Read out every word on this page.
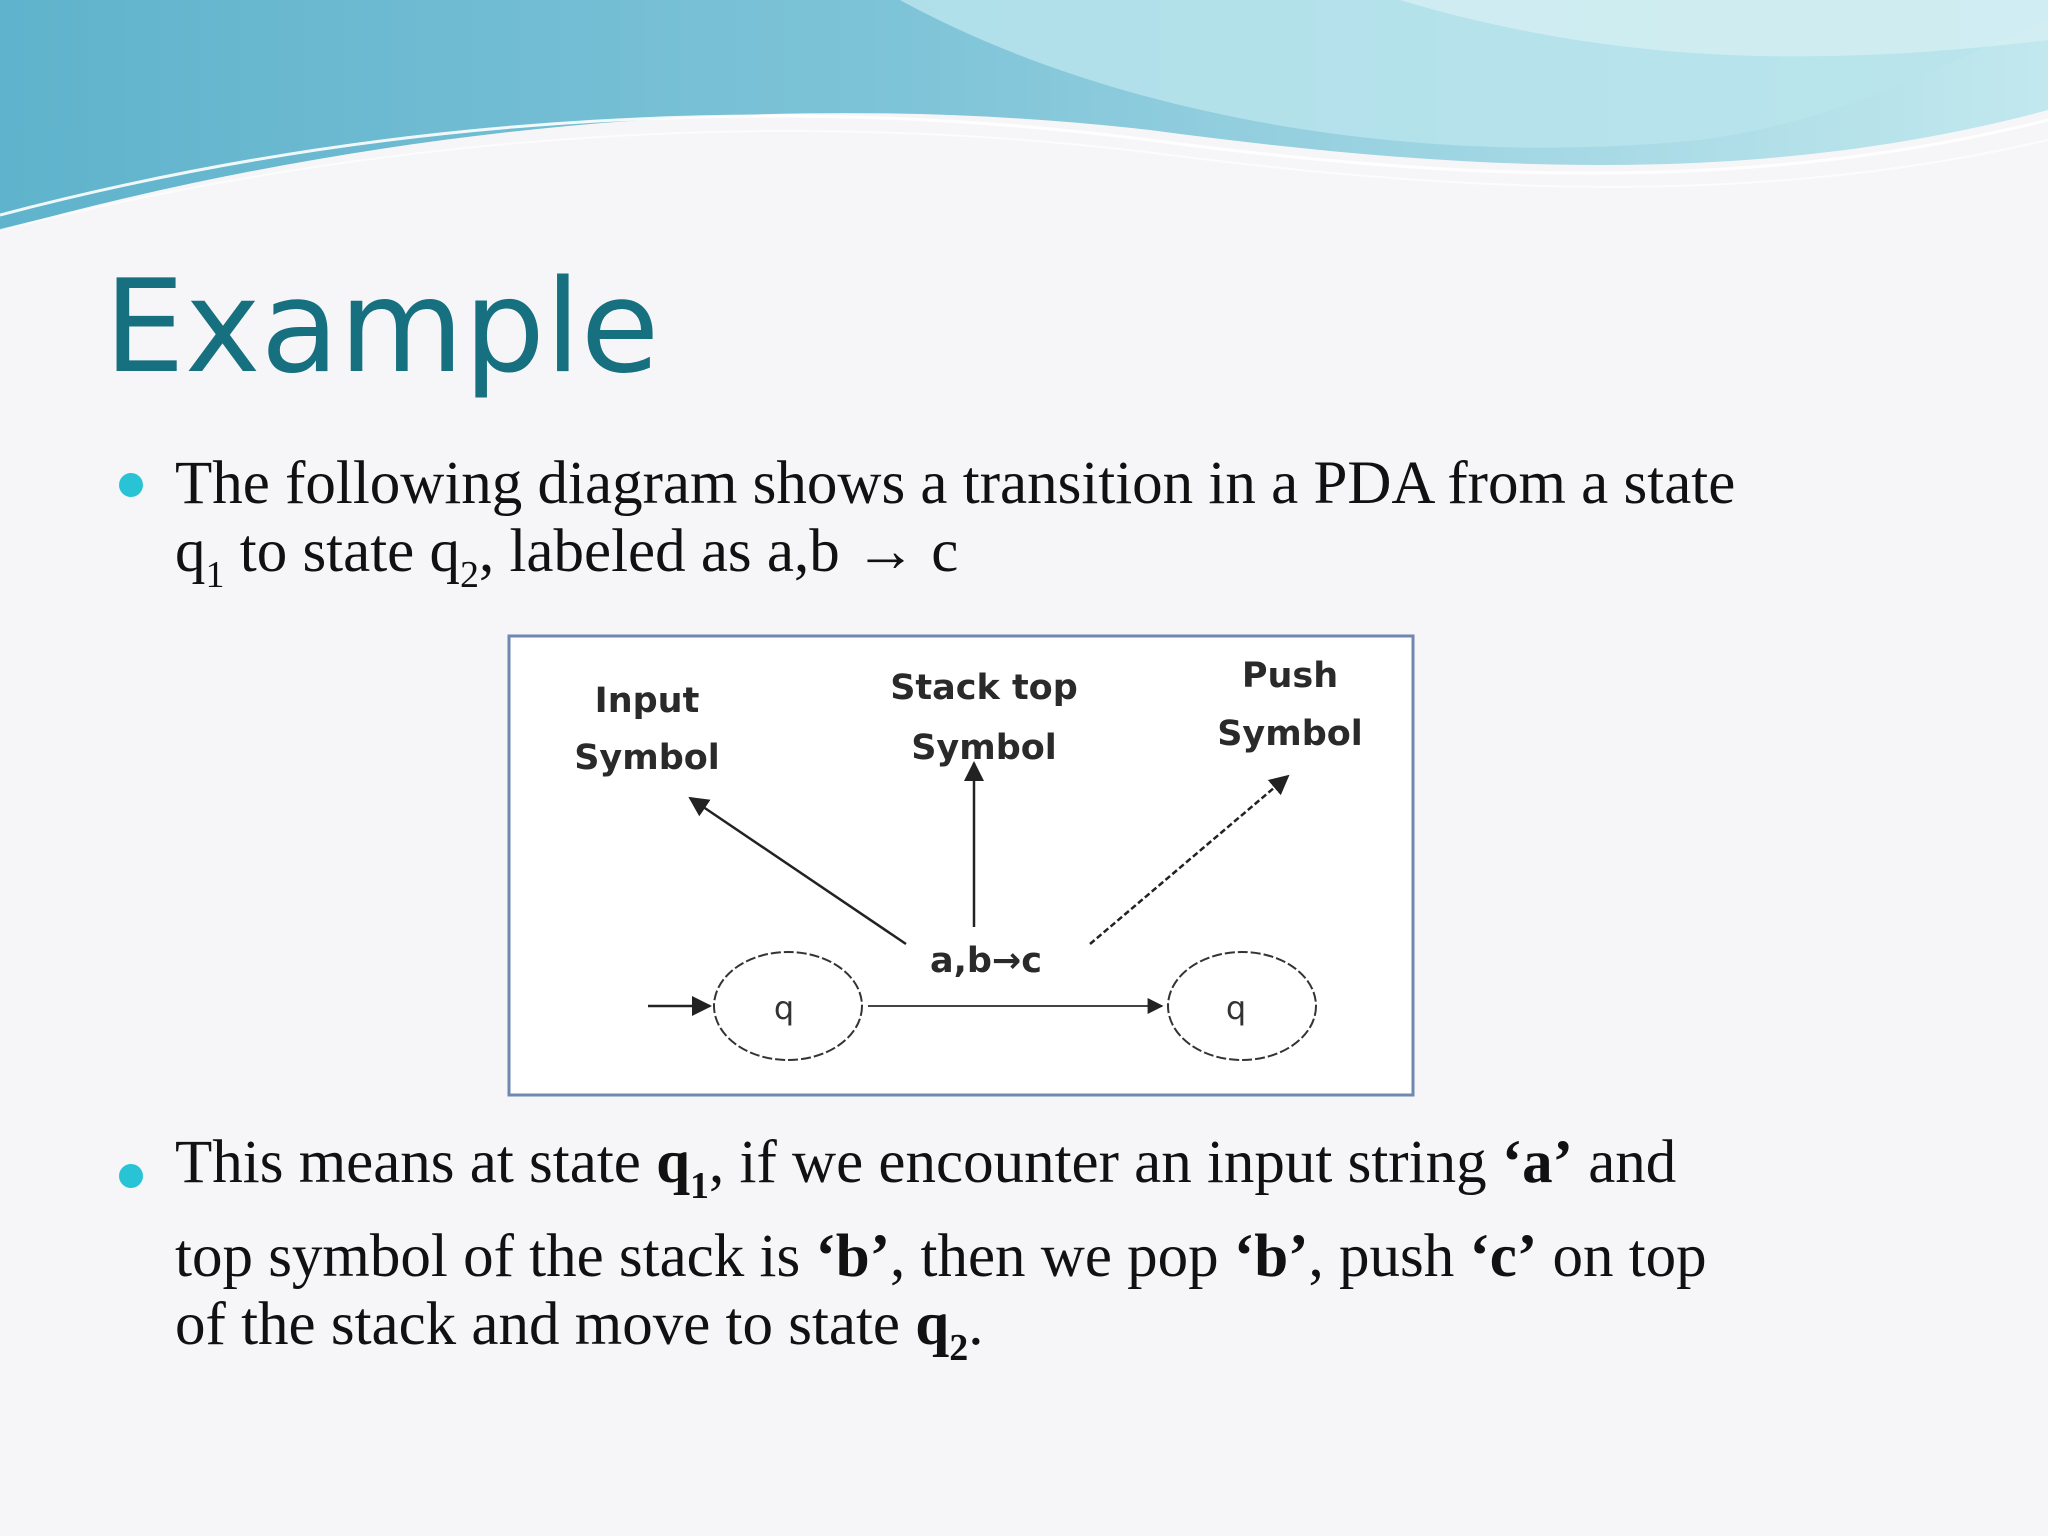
Example
The following diagram shows a transition in a PDA from a state
$q_1$ to state $q_2$, labeled as a,b → c
Input
Symbol
Stack top
Symbol
Push
Symbol
a,b→c
q	q
This means at state $q_1$, if we encounter an input string ‘a’ and
top symbol of the stack is ‘b’, then we pop ‘b’, push ‘c’ on top
of the stack and move to state $q_2$.
